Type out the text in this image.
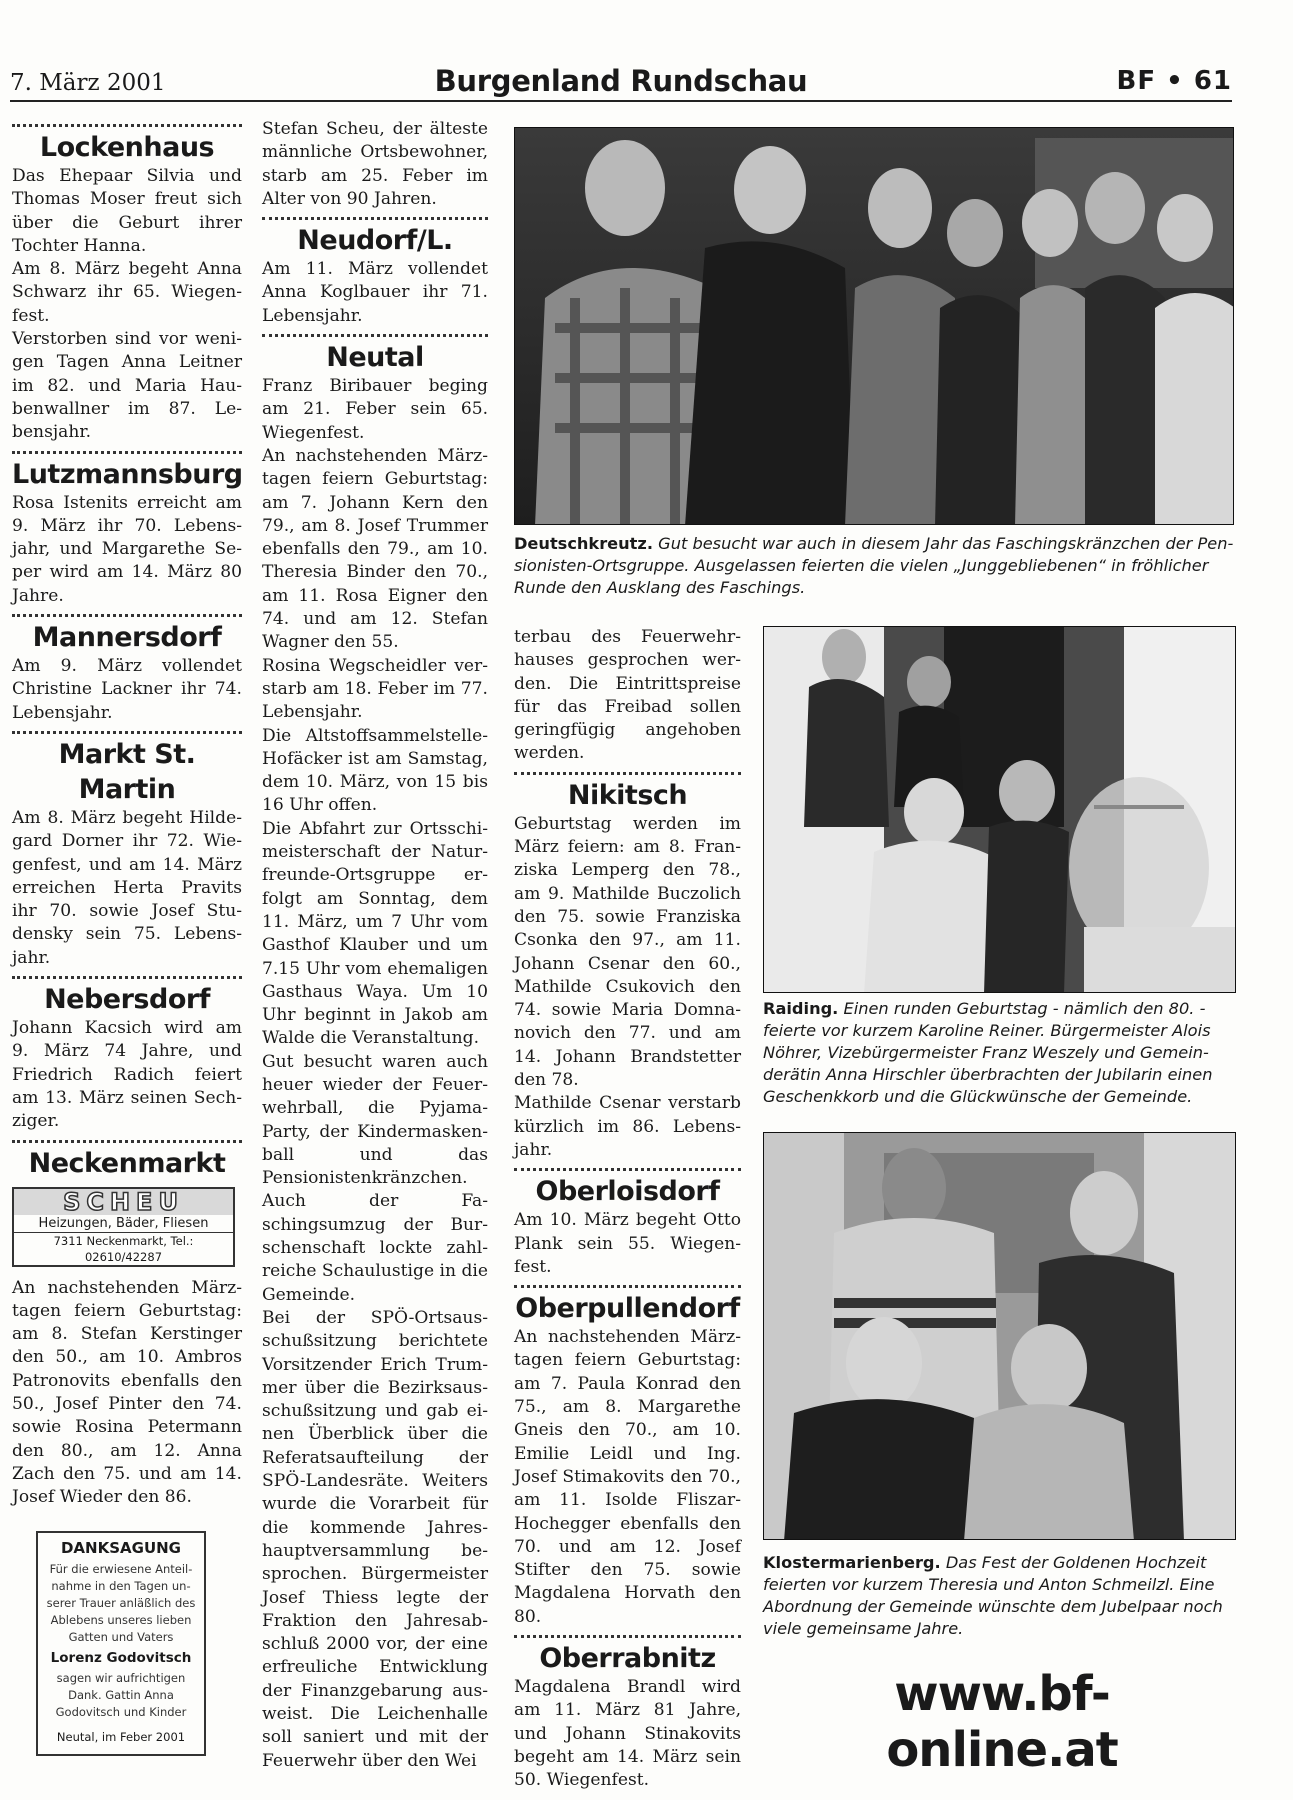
7. März 2001	Burgenland Rundschau	BF • 61
Lockenhaus

Das Ehepaar Silvia und Thomas Moser freut sich über die Geburt ihrer Tochter Hanna.

Am 8. März begeht Anna Schwarz ihr 65. Wiegenfest.

Verstorben sind vor wenigen Tagen Anna Leitner im 82. und Maria Haubenwallner im 87. Lebensjahr.

Lutzmannsburg

Rosa Istenits erreicht am 9. März ihr 70. Lebensjahr, und Margarethe Seper wird am 14. März 80 Jahre.

Mannersdorf

Am 9. März vollendet Christine Lackner ihr 74. Lebensjahr.

Markt St. Martin

Am 8. März begeht Hildegard Dorner ihr 72. Wiegenfest, und am 14. März erreichen Herta Pravits ihr 70. sowie Josef Studensky sein 75. Lebensjahr.

Nebersdorf

Johann Kacsich wird am 9. März 74 Jahre, und Friedrich Radich feiert am 13. März seinen Sechziger.

Neckenmarkt
SCHEU
Heizungen, Bäder, Fliesen
7311 Neckenmarkt, Tel.: 02610/42287

An nachstehenden Märztagen feiern Geburtstag: am 8. Stefan Kerstinger den 50., am 10. Ambros Patronovits ebenfalls den 50., Josef Pinter den 74. sowie Rosina Petermann den 80., am 12. Anna Zach den 75. und am 14. Josef Wieder den 86.

DANKSAGUNG
Für die erwiesene Anteilnahme in den Tagen unserer Trauer anläßlich des Ablebens unseres lieben Gatten und Vaters
Lorenz Godovitsch
sagen wir aufrichtigen Dank. Gattin Anna Godovitsch und Kinder
Neutal, im Feber 2001

Stefan Scheu, der älteste männliche Ortsbewohner, starb am 25. Feber im Alter von 90 Jahren.

Neudorf/L.

Am 11. März vollendet Anna Koglbauer ihr 71. Lebensjahr.

Neutal

Franz Biribauer beging am 21. Feber sein 65. Wiegenfest.

An nachstehenden Märztagen feiern Geburtstag: am 7. Johann Kern den 79., am 8. Josef Trummer ebenfalls den 79., am 10. Theresia Binder den 70., am 11. Rosa Eigner den 74. und am 12. Stefan Wagner den 55.

Rosina Wegscheidler verstarb am 18. Feber im 77. Lebensjahr.

Die AltstoffsammelstelleHofäcker ist am Samstag, dem 10. März, von 15 bis 16 Uhr offen.

Die Abfahrt zur Ortsschimeisterschaft der Naturfreunde-Ortsgruppe erfolgt am Sonntag, dem 11. März, um 7 Uhr vom Gasthof Klauber und um 7.15 Uhr vom ehemaligen Gasthaus Waya. Um 10 Uhr beginnt in Jakob am Walde die Veranstaltung.

Gut besucht waren auch heuer wieder der Feuerwehrball, die PyjamaParty, der Kindermaskenball und das Pensionistenkränzchen. Auch der Faschingsumzug der Burschenschaft lockte zahlreiche Schaulustige in die Gemeinde.

Bei der SPÖ-Ortsausschußsitzung berichtete Vorsitzender Erich Trummer über die Bezirksausschußsitzung und gab einen Überblick über die Referatsaufteilung der SPÖ-Landesräte. Weiters wurde die Vorarbeit für die kommende Jahreshauptversammlung besprochen. Bürgermeister Josef Thiess legte der Fraktion den Jahresabschluß 2000 vor, der eine erfreuliche Entwicklung der Finanzgebarung ausweist. Die Leichenhalle soll saniert und mit der Feuerwehr über den Wei

terbau des Feuerwehrhauses gesprochen werden. Die Eintrittspreise für das Freibad sollen geringfügig angehoben werden.

Nikitsch

Geburtstag werden im März feiern: am 8. Franziska Lemperg den 78., am 9. Mathilde Buczolich den 75. sowie Franziska Csonka den 97., am 11. Johann Csenar den 60., Mathilde Csukovich den 74. sowie Maria Domnanovich den 77. und am 14. Johann Brandstetter den 78.

Mathilde Csenar verstarb kürzlich im 86. Lebensjahr.

Oberloisdorf

Am 10. März begeht Otto Plank sein 55. Wiegenfest.

Oberpullendorf

An nachstehenden Märztagen feiern Geburtstag: am 7. Paula Konrad den 75., am 8. Margarethe Gneis den 70., am 10. Emilie Leidl und Ing. Josef Stimakovits den 70., am 11. Isolde Fliszar-Hochegger ebenfalls den 70. und am 12. Josef Stifter den 75. sowie Magdalena Horvath den 80.

Oberrabnitz

Magdalena Brandl wird am 11. März 81 Jahre, und Johann Stinakovits begeht am 14. März sein 50. Wiegenfest.

Deutschkreutz. Gut besucht war auch in diesem Jahr das Faschingskränzchen der Pensionisten-Ortsgruppe. Ausgelassen feierten die vielen „Junggebliebenen“ in fröhlicher Runde den Ausklang des Faschings.
Raiding. Einen runden Geburtstag - nämlich den 80. - feierte vor kurzem Karoline Reiner. Bürgermeister Alois Nöhrer, Vizebürgermeister Franz Weszely und Gemeinderätin Anna Hirschler überbrachten der Jubilarin einen Geschenkkorb und die Glückwünsche der Gemeinde.
Klostermarienberg. Das Fest der Goldenen Hochzeit feierten vor kurzem Theresia und Anton Schmeilzl. Eine Abordnung der Gemeinde wünschte dem Jubelpaar noch viele gemeinsame Jahre.
www.bf-online.at
